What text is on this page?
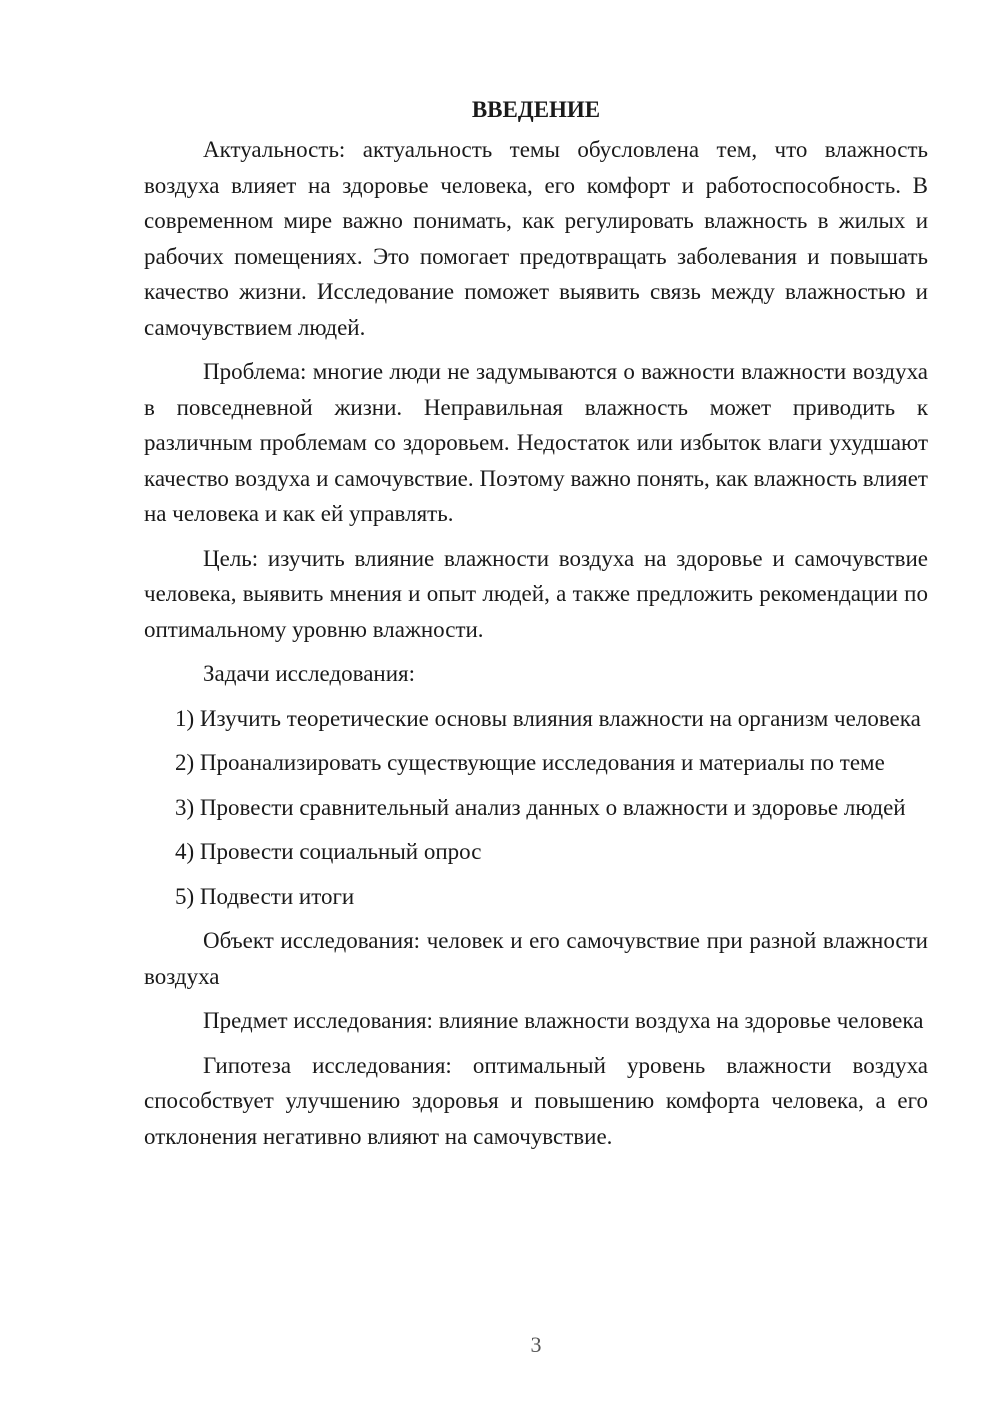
ВВЕДЕНИЕ

Актуальность: актуальность темы обусловлена тем, что влажность воздуха влияет на здоровье человека, его комфорт и работоспособность. В современном мире важно понимать, как регулировать влажность в жилых и рабочих помещениях. Это помогает предотвращать заболевания и повышать качество жизни. Исследование поможет выявить связь между влажностью и самочувствием людей.

Проблема: многие люди не задумываются о важности влажности воздуха в повседневной жизни. Неправильная влажность может приводить к различным проблемам со здоровьем. Недостаток или избыток влаги ухудшают качество воздуха и самочувствие. Поэтому важно понять, как влажность влияет на человека и как ей управлять.

Цель: изучить влияние влажности воздуха на здоровье и самочувствие человека, выявить мнения и опыт людей, а также предложить рекомендации по оптимальному уровню влажности.

Задачи исследования:

1) Изучить теоретические основы влияния влажности на организм человека

2) Проанализировать существующие исследования и материалы по теме

3) Провести сравнительный анализ данных о влажности и здоровье людей

4) Провести социальный опрос

5) Подвести итоги

Объект исследования: человек и его самочувствие при разной влажности воздуха

Предмет исследования: влияние влажности воздуха на здоровье человека

Гипотеза исследования: оптимальный уровень влажности воздуха способствует улучшению здоровья и повышению комфорта человека, а его отклонения негативно влияют на самочувствие.

3
